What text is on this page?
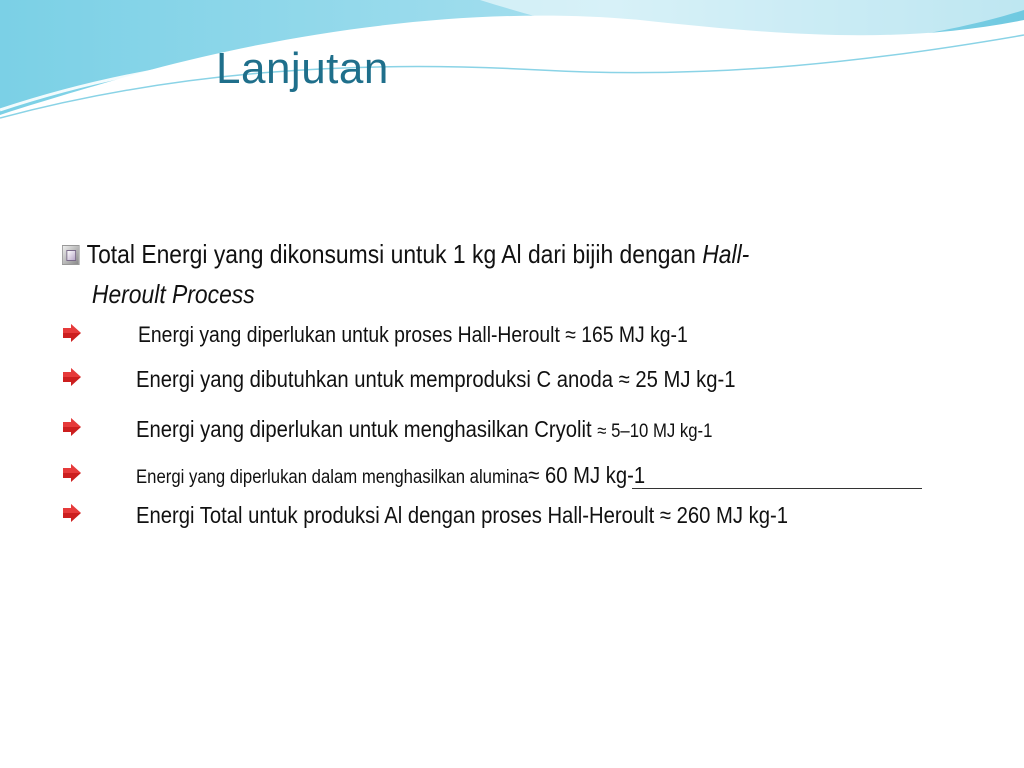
Lanjutan
Total Energi yang dikonsumsi untuk 1 kg Al dari bijih dengan Hall-
Heroult Process
Energi yang diperlukan untuk proses Hall-Heroult ≈ 165 MJ kg-1
Energi yang dibutuhkan untuk memproduksi C anoda ≈ 25 MJ kg-1
Energi yang diperlukan untuk menghasilkan Cryolit ≈ 5–10 MJ kg-1
Energi yang diperlukan dalam menghasilkan alumina≈ 60 MJ kg-1
Energi Total untuk produksi Al dengan proses Hall-Heroult ≈ 260 MJ kg-1
